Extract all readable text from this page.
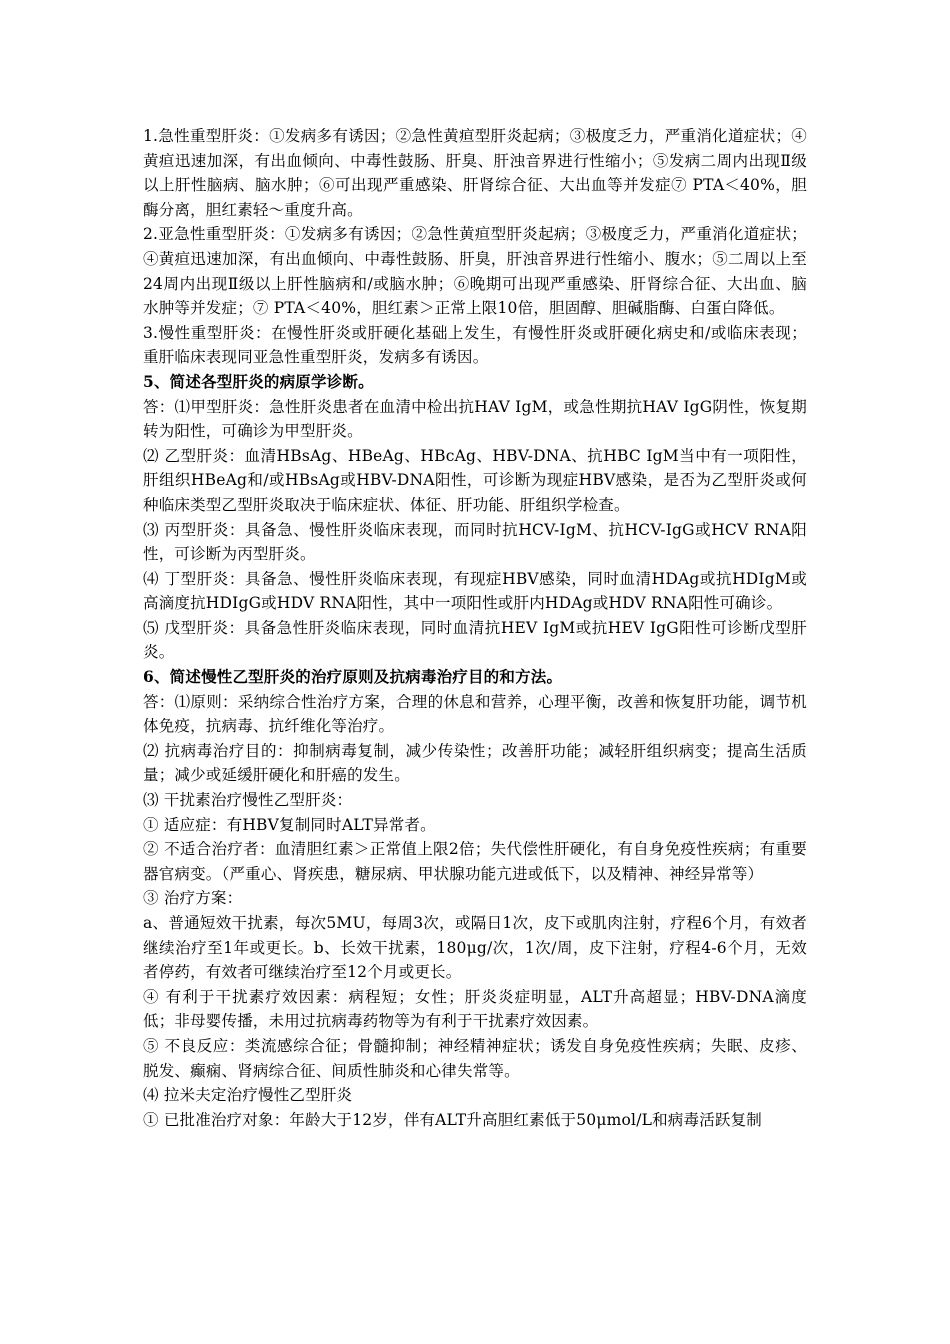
1.急性重型肝炎：①发病多有诱因；②急性黄疸型肝炎起病；③极度乏力，严重消化道症状；④黄疸迅速加深，有出血倾向、中毒性鼓肠、肝臭、肝浊音界进行性缩小；⑤发病二周内出现Ⅱ级以上肝性脑病、脑水肿；⑥可出现严重感染、肝肾综合征、大出血等并发症⑦ PTA＜40%，胆酶分离，胆红素轻～重度升高。

2.亚急性重型肝炎：①发病多有诱因；②急性黄疸型肝炎起病；③极度乏力，严重消化道症状；④黄疸迅速加深，有出血倾向、中毒性鼓肠、肝臭，肝浊音界进行性缩小、腹水；⑤二周以上至24周内出现Ⅱ级以上肝性脑病和/或脑水肿；⑥晚期可出现严重感染、肝肾综合征、大出血、脑水肿等并发症；⑦ PTA＜40%，胆红素＞正常上限10倍，胆固醇、胆碱脂酶、白蛋白降低。

3.慢性重型肝炎：在慢性肝炎或肝硬化基础上发生，有慢性肝炎或肝硬化病史和/或临床表现；重肝临床表现同亚急性重型肝炎，发病多有诱因。

5、简述各型肝炎的病原学诊断。

答：⑴甲型肝炎：急性肝炎患者在血清中检出抗HAV IgM，或急性期抗HAV IgG阴性，恢复期转为阳性，可确诊为甲型肝炎。

⑵ 乙型肝炎：血清HBsAg、HBeAg、HBcAg、HBV-DNA、抗HBC IgM当中有一项阳性，肝组织HBeAg和/或HBsAg或HBV-DNA阳性，可诊断为现症HBV感染，是否为乙型肝炎或何种临床类型乙型肝炎取决于临床症状、体征、肝功能、肝组织学检查。

⑶ 丙型肝炎：具备急、慢性肝炎临床表现，而同时抗HCV-IgM、抗HCV-IgG或HCV RNA阳性，可诊断为丙型肝炎。

⑷ 丁型肝炎：具备急、慢性肝炎临床表现，有现症HBV感染，同时血清HDAg或抗HDIgM或高滴度抗HDIgG或HDV RNA阳性，其中一项阳性或肝内HDAg或HDV RNA阳性可确诊。

⑸ 戊型肝炎：具备急性肝炎临床表现，同时血清抗HEV IgM或抗HEV IgG阳性可诊断戊型肝炎。

6、简述慢性乙型肝炎的治疗原则及抗病毒治疗目的和方法。

答：⑴原则：采纳综合性治疗方案，合理的休息和营养，心理平衡，改善和恢复肝功能，调节机体免疫，抗病毒、抗纤维化等治疗。

⑵ 抗病毒治疗目的：抑制病毒复制，减少传染性；改善肝功能；减轻肝组织病变；提高生活质量；减少或延缓肝硬化和肝癌的发生。

⑶ 干扰素治疗慢性乙型肝炎：

① 适应症：有HBV复制同时ALT异常者。

② 不适合治疗者：血清胆红素＞正常值上限2倍；失代偿性肝硬化，有自身免疫性疾病；有重要器官病变。（严重心、肾疾患，糖尿病、甲状腺功能亢进或低下，以及精神、神经异常等）

③ 治疗方案：

a、普通短效干扰素，每次5MU，每周3次，或隔日1次，皮下或肌肉注射，疗程6个月，有效者继续治疗至1年或更长。b、长效干扰素，180μg/次，1次/周，皮下注射，疗程4-6个月，无效者停药，有效者可继续治疗至12个月或更长。

④ 有利于干扰素疗效因素：病程短；女性；肝炎炎症明显，ALT升高超显；HBV-DNA滴度低；非母婴传播，未用过抗病毒药物等为有利于干扰素疗效因素。

⑤ 不良反应：类流感综合征；骨髓抑制；神经精神症状；诱发自身免疫性疾病；失眠、皮疹、脱发、癫痫、肾病综合征、间质性肺炎和心律失常等。

⑷ 拉米夫定治疗慢性乙型肝炎

① 已批准治疗对象：年龄大于12岁，伴有ALT升高胆红素低于50μmol/L和病毒活跃复制
